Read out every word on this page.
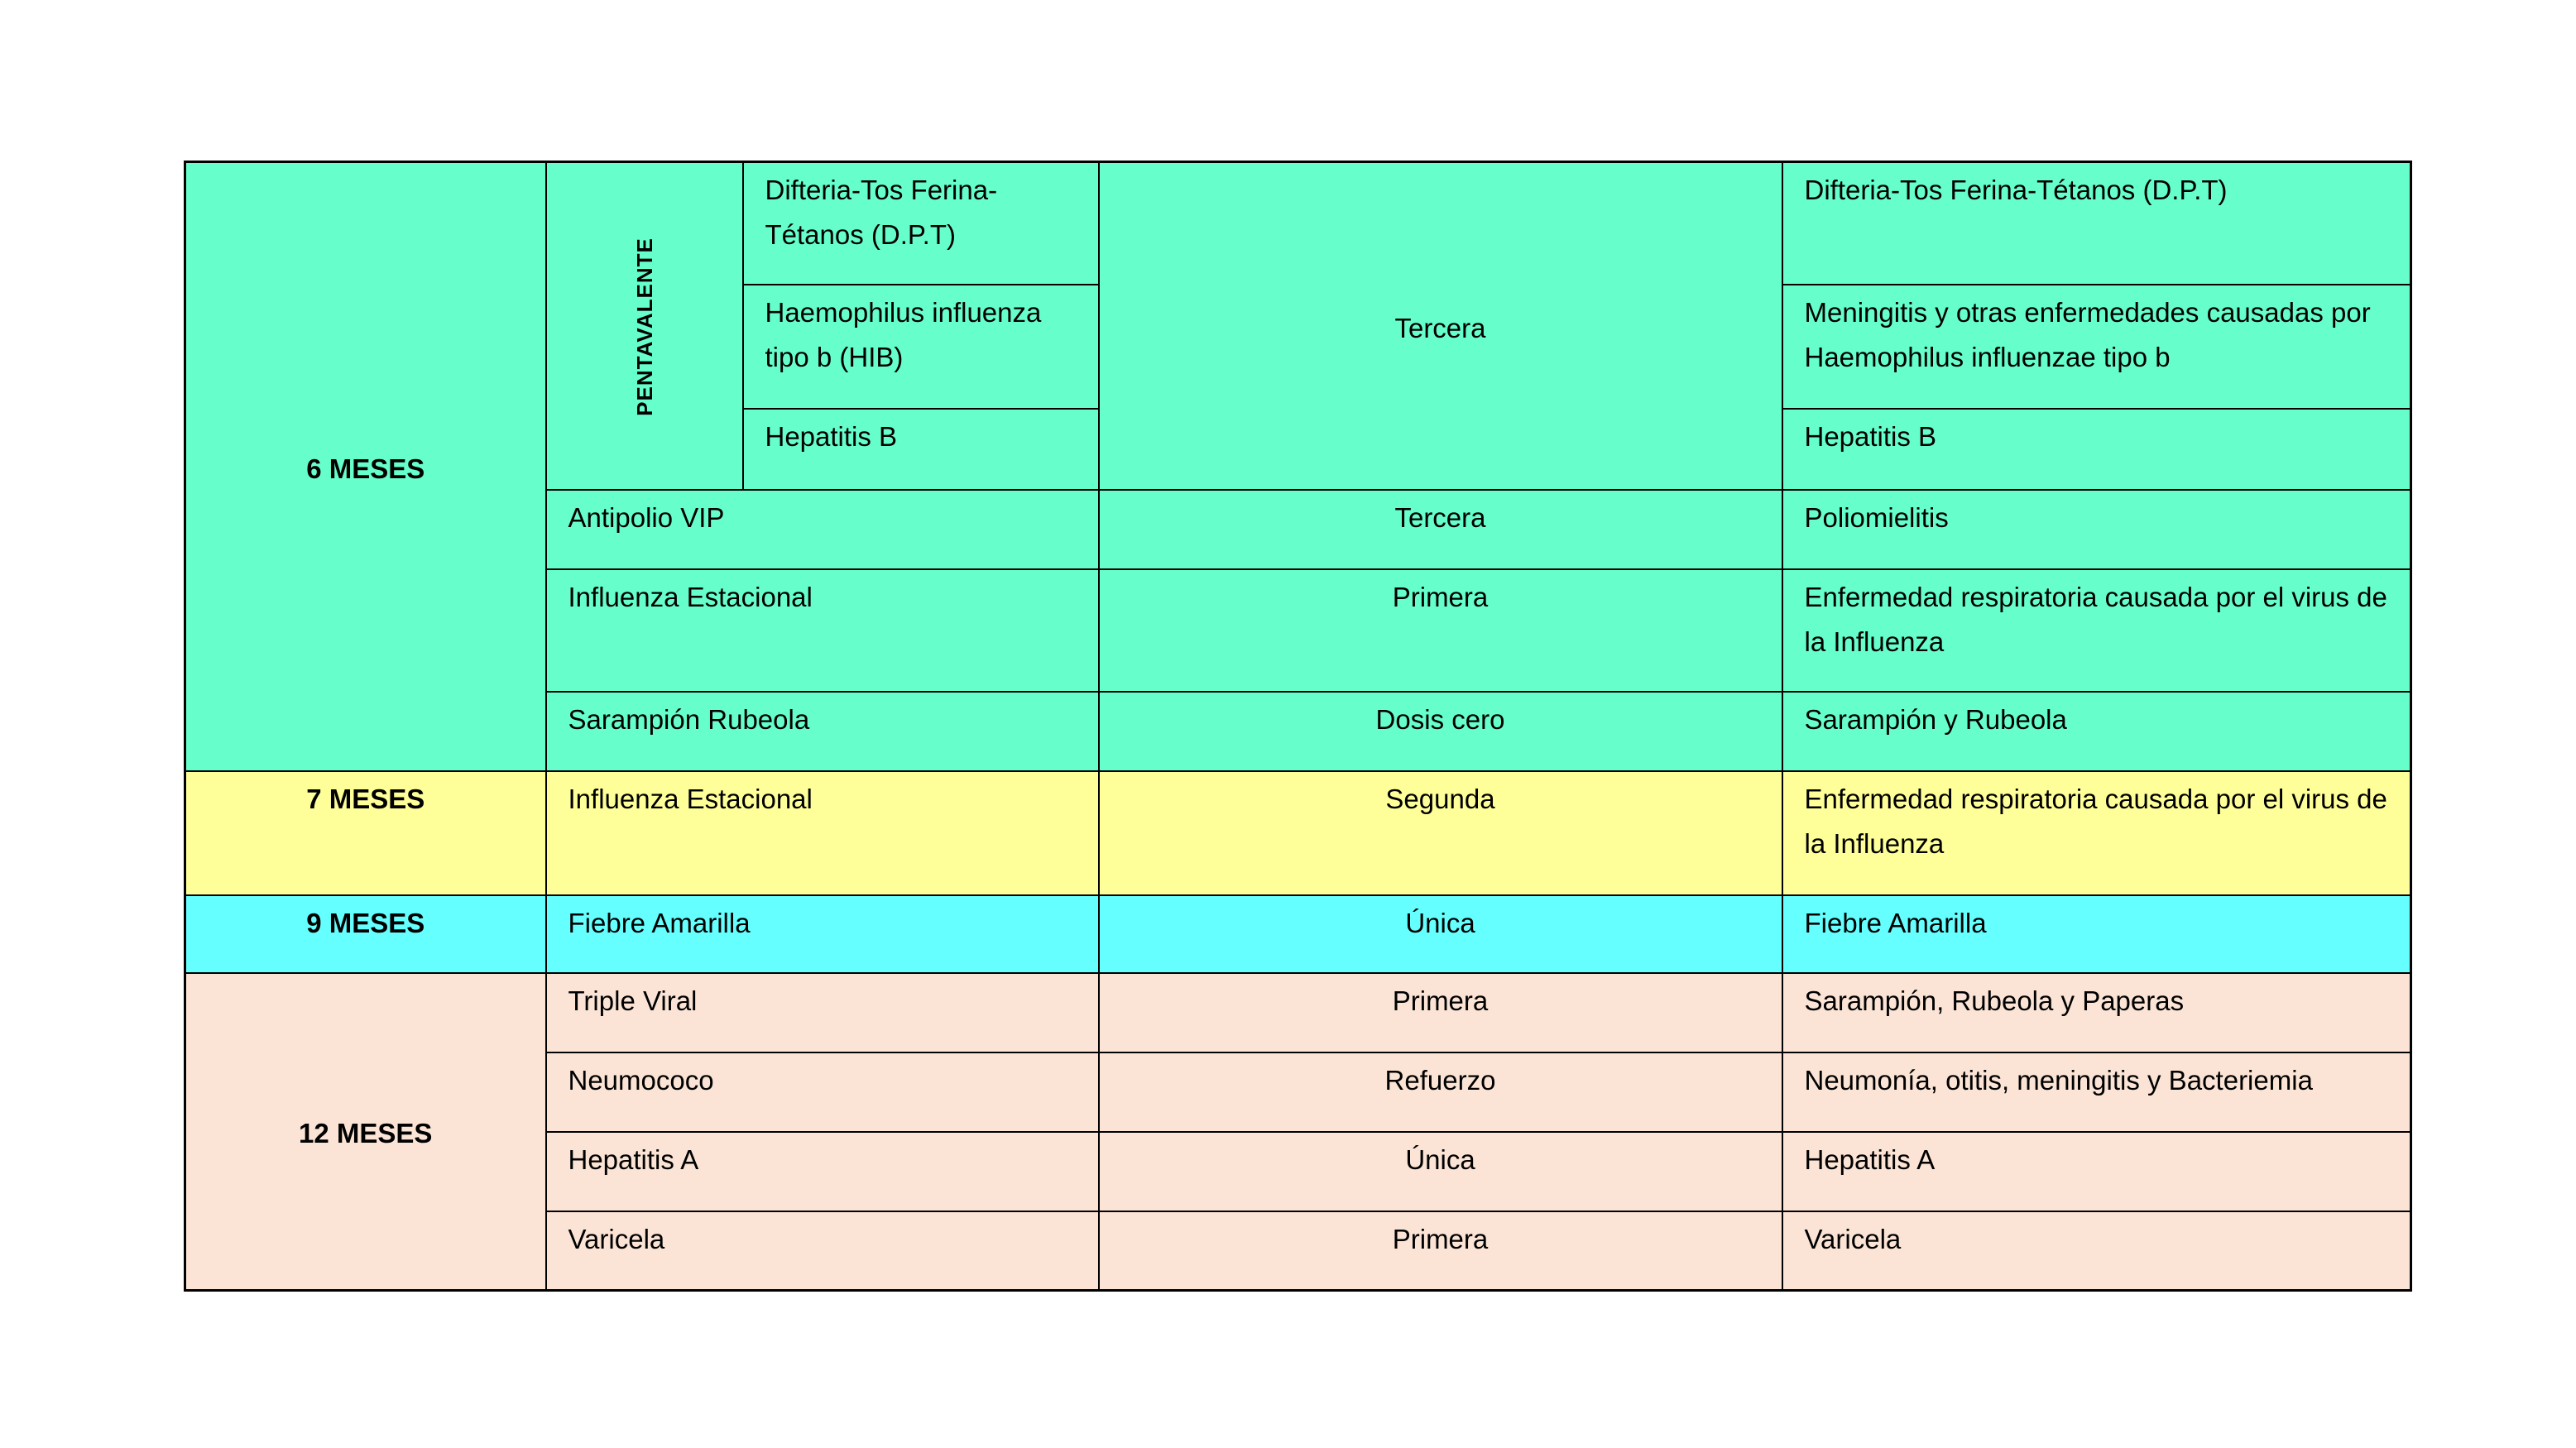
6 MESES	PENTAVALENTE	Difteria-Tos Ferina-Tétanos (D.P.T)	Tercera	Difteria-Tos Ferina-Tétanos (D.P.T)

		Haemophilus influenza tipo b (HIB)		Meningitis y otras enfermedades causadas por Haemophilus influenzae tipo b

		Hepatitis B		Hepatitis B

	Antipolio VIP		Tercera	Poliomielitis

	Influenza Estacional		Primera	Enfermedad respiratoria causada por el virus de la Influenza

	Sarampión Rubeola		Dosis cero	Sarampión y Rubeola

7 MESES	Influenza Estacional		Segunda	Enfermedad respiratoria causada por el virus de la Influenza

9 MESES	Fiebre Amarilla		Única	Fiebre Amarilla

12 MESES	Triple Viral		Primera	Sarampión, Rubeola y Paperas

	Neumococo		Refuerzo	Neumonía, otitis, meningitis y Bacteriemia

	Hepatitis A		Única	Hepatitis A

	Varicela		Primera	Varicela
